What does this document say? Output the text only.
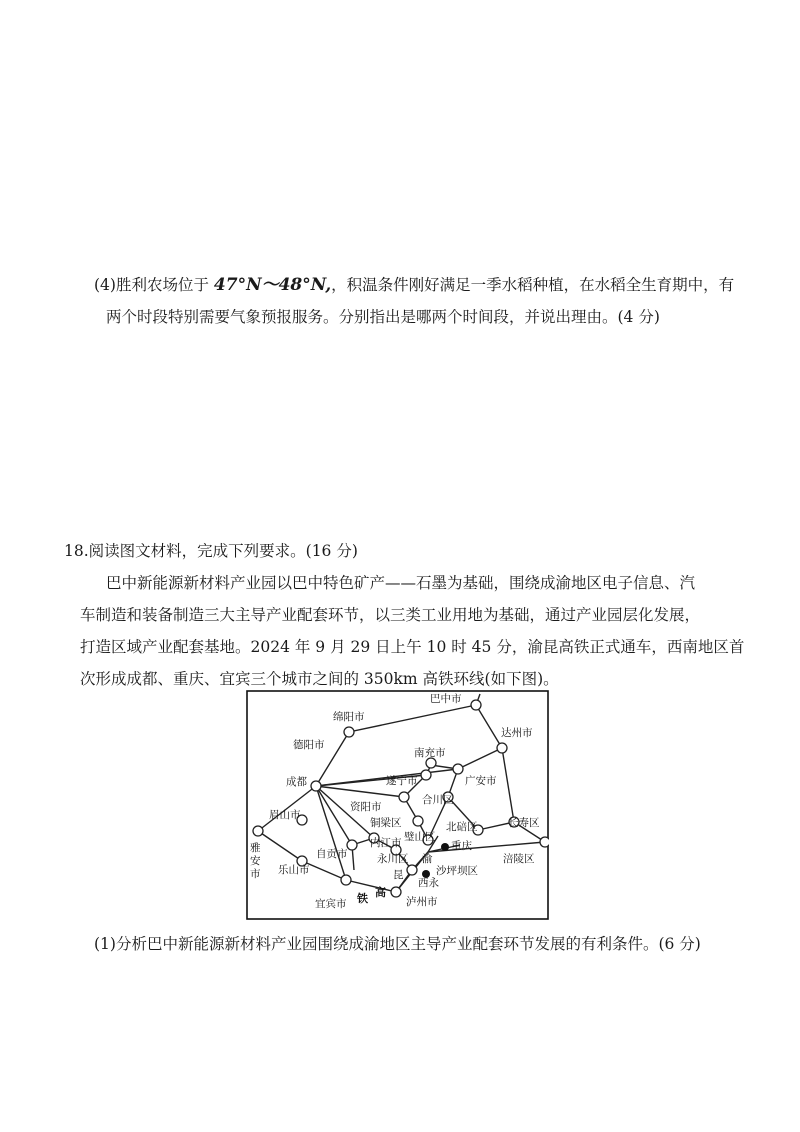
(4)胜利农场位于 47°N～48°N,，积温条件刚好满足一季水稻种植，在水稻全生育期中，有

两个时段特别需要气象预报服务。分别指出是哪两个时间段，并说出理由。(4 分)

18.阅读图文材料，完成下列要求。(16 分)

巴中新能源新材料产业园以巴中特色矿产——石墨为基础，围绕成渝地区电子信息、汽
车制造和装备制造三大主导产业配套环节，以三类工业用地为基础，通过产业园层化发展，
打造区域产业配套基地。2024 年 9 月 29 日上午 10 时 45 分，渝昆高铁正式通车，西南地区首
次形成成都、重庆、宜宾三个城市之间的 350km 高铁环线(如下图)。
巴中市
绵阳市
德阳市
达州市
南充市
成都	遂宁市	广安市
资阳市
合川区
眉山市
铜梁区	北碚区	长寿区
雅
安
市
璧山区
内江市	重庆
自贡市	永川区 渝	涪陵区
乐山市	昆
西永
沙坪坝区
宜宾市 铁 高
泸州市

(1)分析巴中新能源新材料产业园围绕成渝地区主导产业配套环节发展的有利条件。(6 分)
